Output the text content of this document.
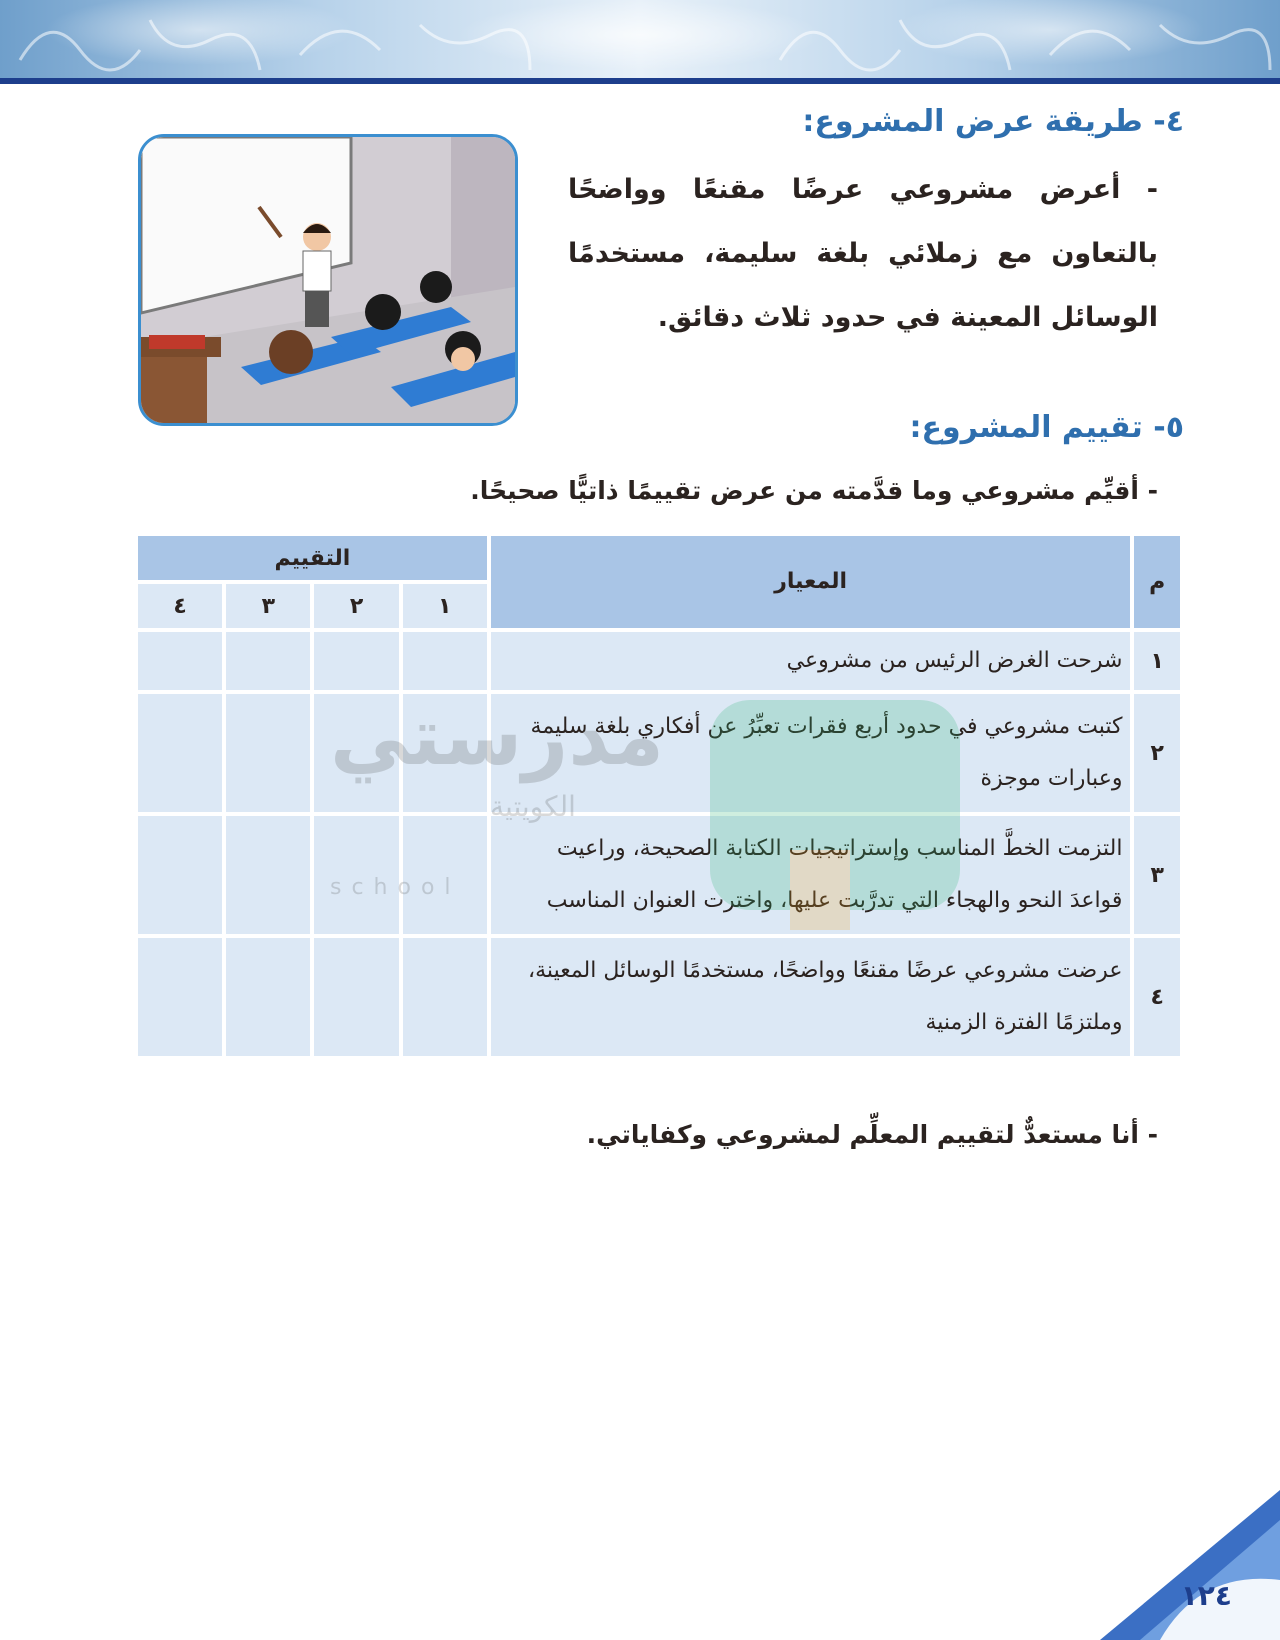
٤- طريقة عرض المشروع:
- أعرض مشروعي عرضًا مقنعًا وواضحًا بالتعاون مع زملائي بلغة سليمة، مستخدمًا الوسائل المعينة في حدود ثلاث دقائق.
٥- تقييم المشروع:
- أقيِّم مشروعي وما قدَّمته من عرض تقييمًا ذاتيًّا صحيحًا.
م	المعيار	التقييم			
		١	٢	٣	٤
١	شرحت الغرض الرئيس من مشروعي				
٢	كتبت مشروعي في حدود أربع فقرات تعبِّرُ عن أفكاري بلغة سليمة وعبارات موجزة				
٣	التزمت الخطَّ المناسب وإستراتيجيات الكتابة الصحيحة، وراعيت قواعدَ النحو والهجاء التي تدرَّبت عليها، واخترت العنوان المناسب				
٤	عرضت مشروعي عرضًا مقنعًا وواضحًا، مستخدمًا الوسائل المعينة، وملتزمًا الفترة الزمنية				
مدرستي
الكويتية
school
- أنا مستعدٌّ لتقييم المعلِّم لمشروعي وكفاياتي.
١٢٤
